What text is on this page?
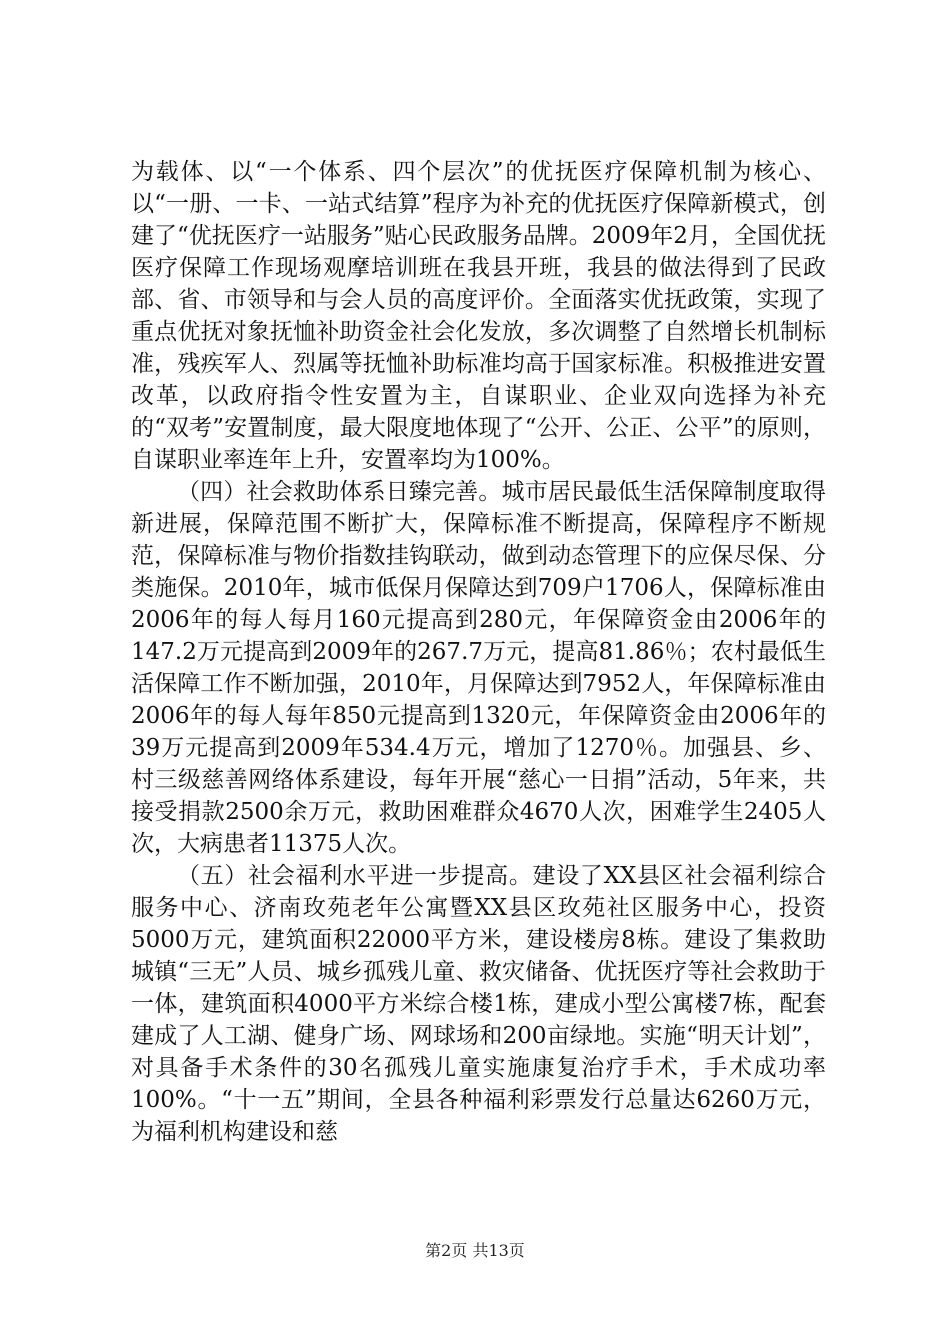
为载体、以“一个体系、四个层次”的优抚医疗保障机制为核心、以“一册、一卡、一站式结算”程序为补充的优抚医疗保障新模式，创建了“优抚医疗一站服务”贴心民政服务品牌。2009年2月，全国优抚医疗保障工作现场观摩培训班在我县开班，我县的做法得到了民政部、省、市领导和与会人员的高度评价。全面落实优抚政策，实现了重点优抚对象抚恤补助资金社会化发放，多次调整了自然增长机制标准，残疾军人、烈属等抚恤补助标准均高于国家标准。积极推进安置改革，以政府指令性安置为主，自谋职业、企业双向选择为补充的“双考”安置制度，最大限度地体现了“公开、公正、公平”的原则，自谋职业率连年上升，安置率均为100%。

（四）社会救助体系日臻完善。城市居民最低生活保障制度取得新进展，保障范围不断扩大，保障标准不断提高，保障程序不断规范，保障标准与物价指数挂钩联动，做到动态管理下的应保尽保、分类施保。2010年，城市低保月保障达到709户1706人，保障标准由2006年的每人每月160元提高到280元，年保障资金由2006年的147.2万元提高到2009年的267.7万元，提高81.86％；农村最低生活保障工作不断加强，2010年，月保障达到7952人，年保障标准由2006年的每人每年850元提高到1320元，年保障资金由2006年的39万元提高到2009年534.4万元，增加了1270％。加强县、乡、村三级慈善网络体系建设，每年开展“慈心一日捐”活动，5年来，共接受捐款2500余万元，救助困难群众4670人次，困难学生2405人次，大病患者11375人次。

（五）社会福利水平进一步提高。建设了XX县区社会福利综合服务中心、济南玫苑老年公寓暨XX县区玫苑社区服务中心，投资5000万元，建筑面积22000平方米，建设楼房8栋。建设了集救助城镇“三无”人员、城乡孤残儿童、救灾储备、优抚医疗等社会救助于一体，建筑面积4000平方米综合楼1栋，建成小型公寓楼7栋，配套建成了人工湖、健身广场、网球场和200亩绿地。实施“明天计划”，对具备手术条件的30名孤残儿童实施康复治疗手术，手术成功率100%。“十一五”期间，全县各种福利彩票发行总量达6260万元，为福利机构建设和慈

第2页 共13页
